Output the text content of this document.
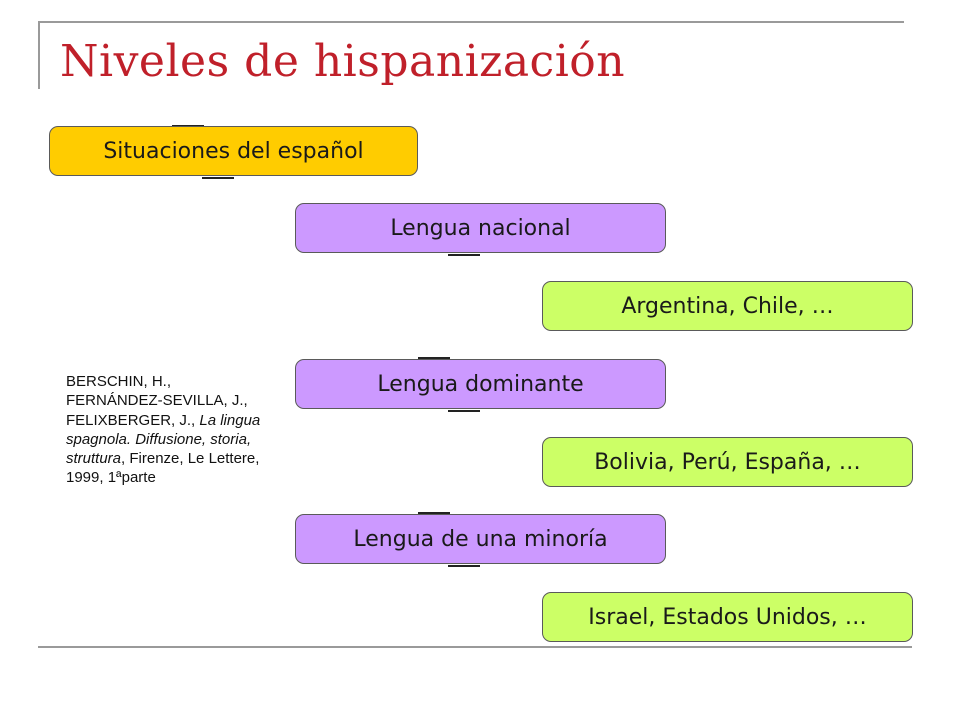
Niveles de hispanización
Situaciones del español
Lengua nacional
Argentina, Chile, …
Lengua dominante
Bolivia, Perú, España, …
Lengua de una minoría
Israel, Estados Unidos, …
BERSCHIN, H., FERNÁNDEZ-SEVILLA, J., FELIXBERGER, J., La lingua spagnola. Diffusione, storia, struttura, Firenze, Le Lettere, 1999, 1ªparte
